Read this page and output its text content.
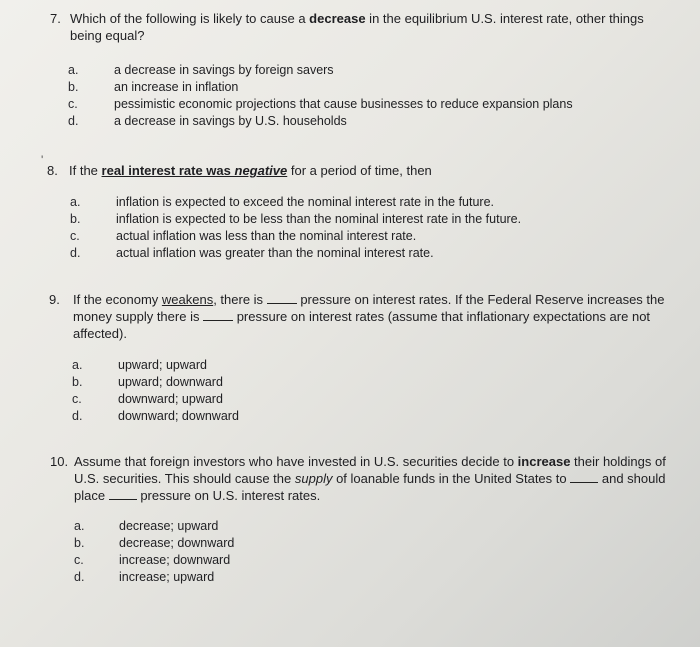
7. Which of the following is likely to cause a decrease in the equilibrium U.S. interest rate, other things being equal?
a.	a decrease in savings by foreign savers
b.	an increase in inflation
c.	pessimistic economic projections that cause businesses to reduce expansion plans
d.	a decrease in savings by U.S. households
'
8. If the real interest rate was negative for a period of time, then
a.	inflation is expected to exceed the nominal interest rate in the future.
b.	inflation is expected to be less than the nominal interest rate in the future.
c.	actual inflation was less than the nominal interest rate.
d.	actual inflation was greater than the nominal interest rate.
9.	If the economy weakens, there is	pressure on interest rates. If the Federal Reserve increases the
money supply there is	pressure on interest rates (assume that inflationary expectations are not
affected).
a.	upward; upward
b.	upward; downward
c.	downward; upward
d.	downward; downward
10. Assume that foreign investors who have invested in U.S. securities decide to increase their holdings of
U.S. securities. This should cause the supply of loanable funds in the United States to	and should
place	pressure on U.S. interest rates.
a.	decrease; upward
b.	decrease; downward
c.	increase; downward
d.	increase; upward
